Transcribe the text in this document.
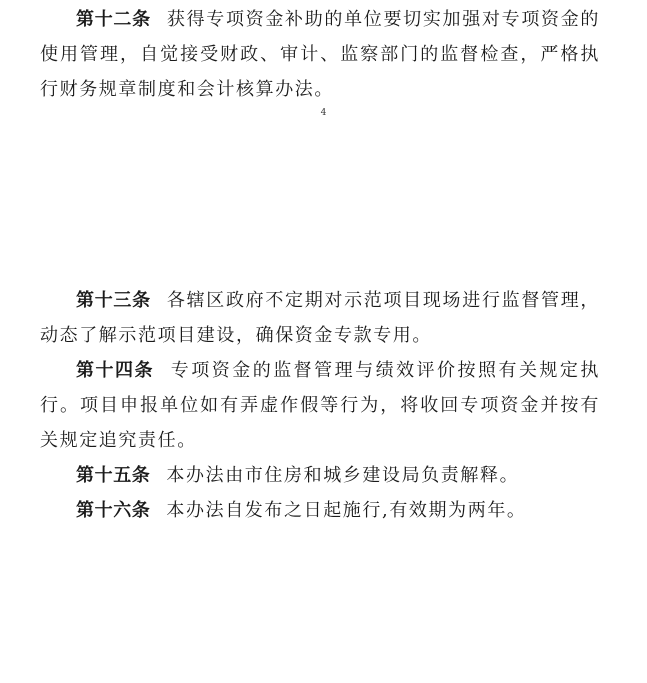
第十二条 获得专项资金补助的单位要切实加强对专项资金的使用管理，自觉接受财政、审计、监察部门的监督检查，严格执行财务规章制度和会计核算办法。

4

第十三条 各辖区政府不定期对示范项目现场进行监督管理，动态了解示范项目建设，确保资金专款专用。

第十四条 专项资金的监督管理与绩效评价按照有关规定执行。项目申报单位如有弄虚作假等行为，将收回专项资金并按有关规定追究责任。

第十五条 本办法由市住房和城乡建设局负责解释。

第十六条 本办法自发布之日起施行,有效期为两年。
